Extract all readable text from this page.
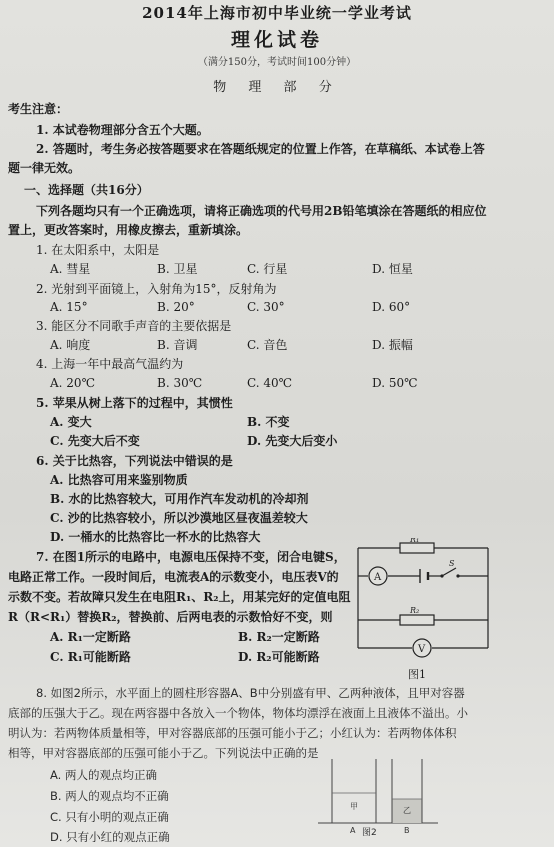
2014年上海市初中毕业统一学业考试
理化试卷
（满分150分，考试时间100分钟）
物 理 部 分
考生注意：
1. 本试卷物理部分含五个大题。
2. 答题时，考生务必按答题要求在答题纸规定的位置上作答，在草稿纸、本试卷上答
题一律无效。
一、选择题（共16分）
下列各题均只有一个正确选项，请将正确选项的代号用2B铅笔填涂在答题纸的相应位
置上，更改答案时，用橡皮擦去，重新填涂。
1. 在太阳系中，太阳是
A. 彗星	B. 卫星	C. 行星	D. 恒星
2. 光射到平面镜上，入射角为15°，反射角为
A. 15°	B. 20°	C. 30°	D. 60°
3. 能区分不同歌手声音的主要依据是
A. 响度	B. 音调	C. 音色	D. 振幅
4. 上海一年中最高气温约为
A. 20℃	B. 30℃	C. 40℃	D. 50℃
5. 苹果从树上落下的过程中，其惯性
A. 变大	B. 不变
C. 先变大后不变	D. 先变大后变小
6. 关于比热容，下列说法中错误的是
A. 比热容可用来鉴别物质
B. 水的比热容较大，可用作汽车发动机的冷却剂
C. 沙的比热容较小，所以沙漠地区昼夜温差较大
D. 一桶水的比热容比一杯水的比热容大
7. 在图1所示的电路中，电源电压保持不变，闭合电键S，
电路正常工作。一段时间后，电流表A的示数变小，电压表V的
示数不变。若故障只发生在电阻R₁、R₂上，用某完好的定值电阻
R（R<R₁）替换R₂，替换前、后两电表的示数恰好不变，则
A. R₁一定断路	B. R₂一定断路
C. R₁可能断路	D. R₂可能断路
R₁
A
S
R₂
V
图1
8. 如图2所示，水平面上的圆柱形容器A、B中分别盛有甲、乙两种液体，且甲对容器
底部的压强大于乙。现在两容器中各放入一个物体，物体均漂浮在液面上且液体不溢出。小
明认为：若两物体质量相等，甲对容器底部的压强可能小于乙；小红认为：若两物体体积
相等，甲对容器底部的压强可能小于乙。下列说法中正确的是
A. 两人的观点均正确
B. 两人的观点均不正确
C. 只有小明的观点正确
D. 只有小红的观点正确
甲	乙
A	B
图2
